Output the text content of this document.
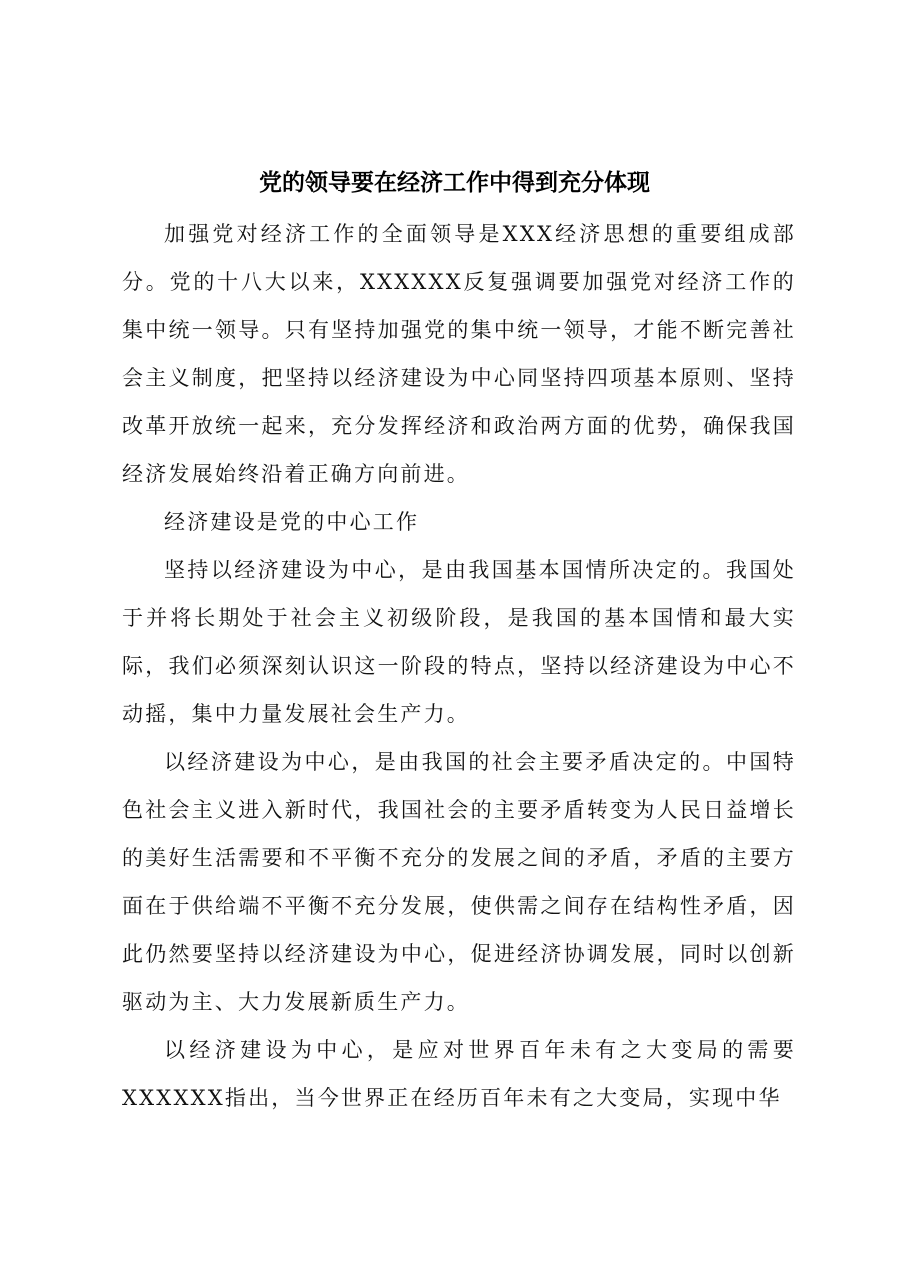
党的领导要在经济工作中得到充分体现

加强党对经济工作的全面领导是XXX经济思想的重要组成部分。党的十八大以来，XXXXXX反复强调要加强党对经济工作的集中统一领导。只有坚持加强党的集中统一领导，才能不断完善社会主义制度，把坚持以经济建设为中心同坚持四项基本原则、坚持改革开放统一起来，充分发挥经济和政治两方面的优势，确保我国经济发展始终沿着正确方向前进。

经济建设是党的中心工作

坚持以经济建设为中心，是由我国基本国情所决定的。我国处于并将长期处于社会主义初级阶段，是我国的基本国情和最大实际，我们必须深刻认识这一阶段的特点，坚持以经济建设为中心不动摇，集中力量发展社会生产力。

以经济建设为中心，是由我国的社会主要矛盾决定的。中国特色社会主义进入新时代，我国社会的主要矛盾转变为人民日益增长的美好生活需要和不平衡不充分的发展之间的矛盾，矛盾的主要方面在于供给端不平衡不充分发展，使供需之间存在结构性矛盾，因此仍然要坚持以经济建设为中心，促进经济协调发展，同时以创新驱动为主、大力发展新质生产力。

以经济建设为中心，是应对世界百年未有之大变局的需要XXXXXX指出，当今世界正在经历百年未有之大变局，实现中华
